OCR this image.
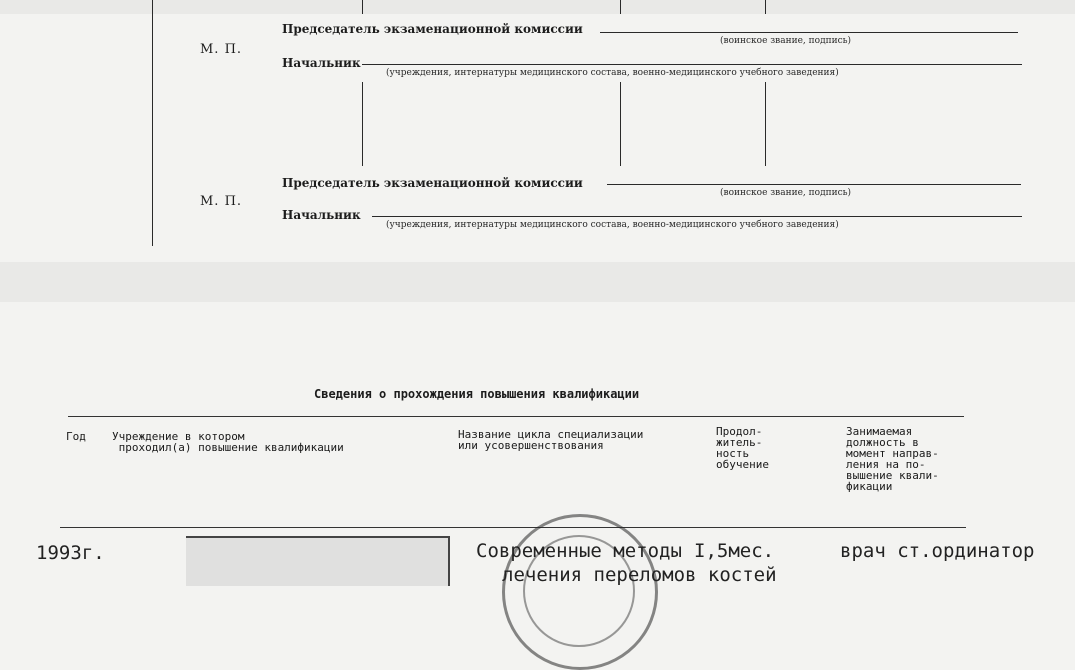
М. П.
Председатель экзаменационной комиссии
(воинское звание, подпись)
Начальник
(учреждения, интернатуры медицинского состава, военно-медицинского учебного заведения)
М. П.
Председатель экзаменационной комиссии
(воинское звание, подпись)
Начальник
(учреждения, интернатуры медицинского состава, военно-медицинского учебного заведения)
Сведения о прохождения повышения квалификации
Год Учреждение в котором
проходил(а) повышение квалификации
Название цикла специализации
или усовершенствования
Продол-
житель-
ность
обучение
Занимаемая
должность в
момент направ-
ления на по-
вышение квали-
фикации
1993г.	Современные методы
лечения переломов костей
I,5мес.	врач ст.ординатор
